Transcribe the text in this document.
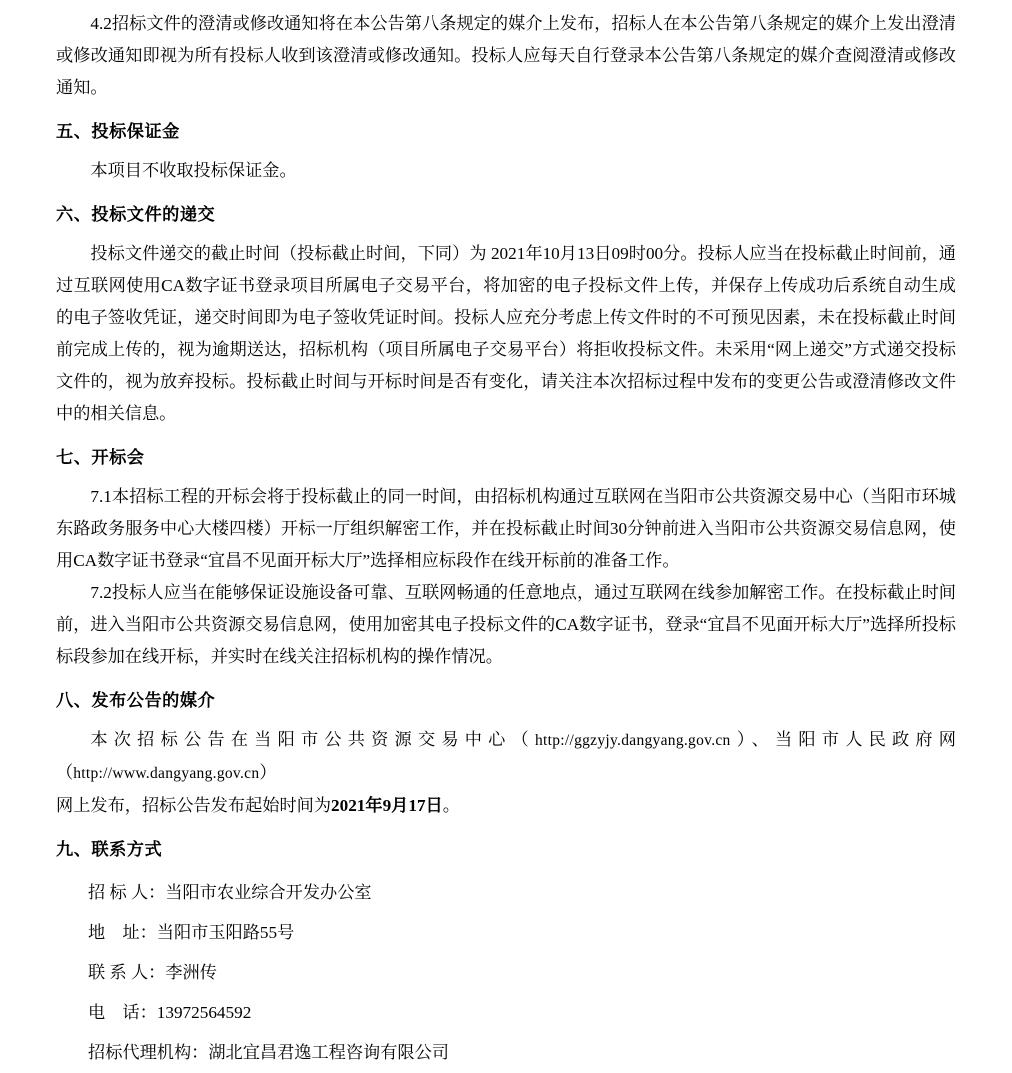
4.2招标文件的澄清或修改通知将在本公告第八条规定的媒介上发布，招标人在本公告第八条规定的媒介上发出澄清或修改通知即视为所有投标人收到该澄清或修改通知。投标人应每天自行登录本公告第八条规定的媒介查阅澄清或修改通知。

五、投标保证金

本项目不收取投标保证金。

六、投标文件的递交

投标文件递交的截止时间（投标截止时间，下同）为 2021年10月13日09时00分。投标人应当在投标截止时间前，通过互联网使用CA数字证书登录项目所属电子交易平台，将加密的电子投标文件上传，并保存上传成功后系统自动生成的电子签收凭证，递交时间即为电子签收凭证时间。投标人应充分考虑上传文件时的不可预见因素，未在投标截止时间前完成上传的，视为逾期送达，招标机构（项目所属电子交易平台）将拒收投标文件。未采用“网上递交”方式递交投标文件的，视为放弃投标。投标截止时间与开标时间是否有变化，请关注本次招标过程中发布的变更公告或澄清修改文件中的相关信息。

七、开标会

7.1本招标工程的开标会将于投标截止的同一时间，由招标机构通过互联网在当阳市公共资源交易中心（当阳市环城东路政务服务中心大楼四楼）开标一厅组织解密工作，并在投标截止时间30分钟前进入当阳市公共资源交易信息网，使用CA数字证书登录“宜昌不见面开标大厅”选择相应标段作在线开标前的准备工作。

7.2投标人应当在能够保证设施设备可靠、互联网畅通的任意地点，通过互联网在线参加解密工作。在投标截止时间前，进入当阳市公共资源交易信息网，使用加密其电子投标文件的CA数字证书，登录“宜昌不见面开标大厅”选择所投标标段参加在线开标，并实时在线关注招标机构的操作情况。

八、发布公告的媒介

本次招标公告在当阳市公共资源交易中心（http://ggzyjy.dangyang.gov.cn）、当阳市人民政府网（http://www.dangyang.gov.cn）

网上发布，招标公告发布起始时间为2021年9月17日。

九、联系方式

招 标 人：当阳市农业综合开发办公室

地    址：当阳市玉阳路55号

联 系 人：李洲传

电    话：13972564592

招标代理机构：湖北宜昌君逸工程咨询有限公司
